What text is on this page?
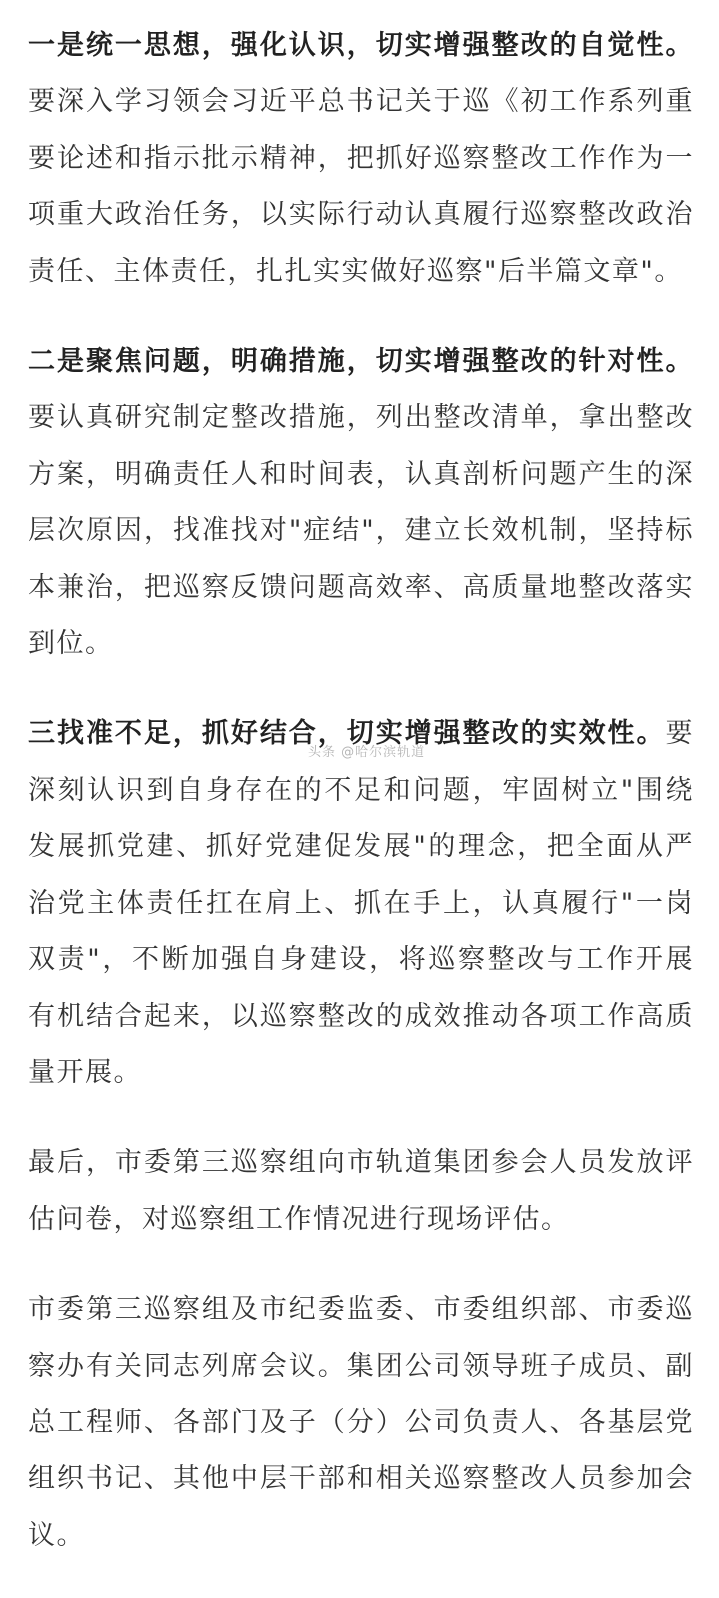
一是统一思想，强化认识，切实增强整改的自觉性。要深入学习领会习近平总书记关于巡《初工作系列重要论述和指示批示精神，把抓好巡察整改工作作为一项重大政治任务，以实际行动认真履行巡察整改政治责任、主体责任，扎扎实实做好巡察"后半篇文章"。

二是聚焦问题，明确措施，切实增强整改的针对性。要认真研究制定整改措施，列出整改清单，拿出整改方案，明确责任人和时间表，认真剖析问题产生的深层次原因，找准找对"症结"，建立长效机制，坚持标本兼治，把巡察反馈问题高效率、高质量地整改落实到位。

三找准不足，抓好结合，切实增强整改的实效性。要深刻认识到自身存在的不足和问题，牢固树立"围绕发展抓党建、抓好党建促发展"的理念，把全面从严治党主体责任扛在肩上、抓在手上，认真履行"一岗双责"，不断加强自身建设，将巡察整改与工作开展有机结合起来，以巡察整改的成效推动各项工作高质量开展。

最后，市委第三巡察组向市轨道集团参会人员发放评估问卷，对巡察组工作情况进行现场评估。

市委第三巡察组及市纪委监委、市委组织部、市委巡察办有关同志列席会议。集团公司领导班子成员、副总工程师、各部门及子（分）公司负责人、各基层党组织书记、其他中层干部和相关巡察整改人员参加会议。

头条 @哈尔滨轨道
